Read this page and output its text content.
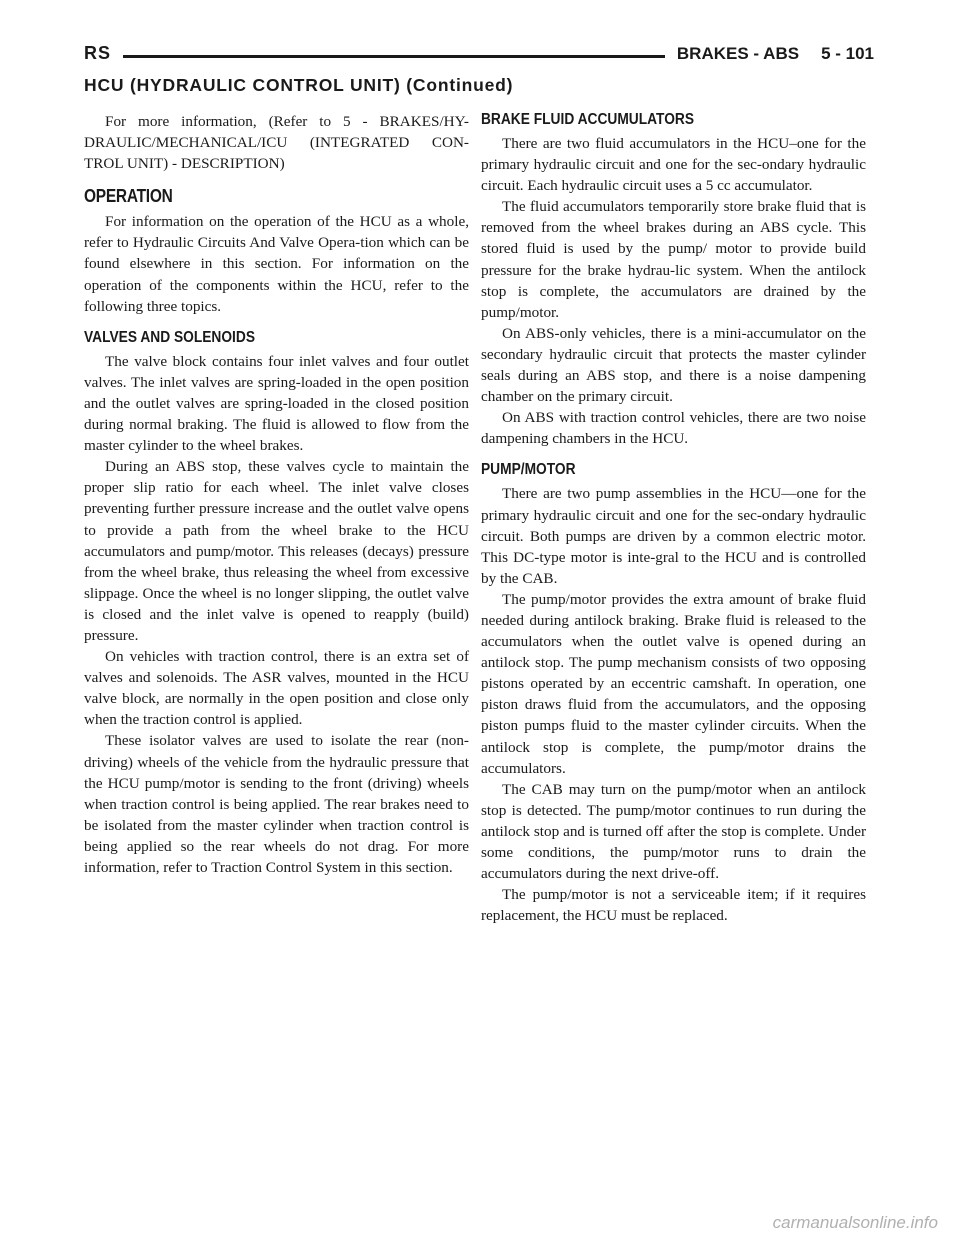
RS	BRAKES - ABS 5 - 101
HCU (HYDRAULIC CONTROL UNIT) (Continued)

For more information, (Refer to 5 - BRAKES/HY-DRAULIC/MECHANICAL/ICU (INTEGRATED CON-TROL UNIT) - DESCRIPTION)

OPERATION

For information on the operation of the HCU as a whole, refer to Hydraulic Circuits And Valve Opera-tion which can be found elsewhere in this section. For information on the operation of the components within the HCU, refer to the following three topics.

VALVES AND SOLENOIDS

The valve block contains four inlet valves and four outlet valves. The inlet valves are spring-loaded in the open position and the outlet valves are spring-loaded in the closed position during normal braking. The fluid is allowed to flow from the master cylinder to the wheel brakes.

During an ABS stop, these valves cycle to maintain the proper slip ratio for each wheel. The inlet valve closes preventing further pressure increase and the outlet valve opens to provide a path from the wheel brake to the HCU accumulators and pump/motor. This releases (decays) pressure from the wheel brake, thus releasing the wheel from excessive slippage. Once the wheel is no longer slipping, the outlet valve is closed and the inlet valve is opened to reapply (build) pressure.

On vehicles with traction control, there is an extra set of valves and solenoids. The ASR valves, mounted in the HCU valve block, are normally in the open position and close only when the traction control is applied.

These isolator valves are used to isolate the rear (non-driving) wheels of the vehicle from the hydraulic pressure that the HCU pump/motor is sending to the front (driving) wheels when traction control is being applied. The rear brakes need to be isolated from the master cylinder when traction control is being applied so the rear wheels do not drag. For more information, refer to Traction Control System in this section.

BRAKE FLUID ACCUMULATORS

There are two fluid accumulators in the HCU–one for the primary hydraulic circuit and one for the sec-ondary hydraulic circuit. Each hydraulic circuit uses a 5 cc accumulator.

The fluid accumulators temporarily store brake fluid that is removed from the wheel brakes during an ABS cycle. This stored fluid is used by the pump/ motor to provide build pressure for the brake hydrau-lic system. When the antilock stop is complete, the accumulators are drained by the pump/motor.

On ABS-only vehicles, there is a mini-accumulator on the secondary hydraulic circuit that protects the master cylinder seals during an ABS stop, and there is a noise dampening chamber on the primary circuit.

On ABS with traction control vehicles, there are two noise dampening chambers in the HCU.

PUMP/MOTOR

There are two pump assemblies in the HCU—one for the primary hydraulic circuit and one for the sec-ondary hydraulic circuit. Both pumps are driven by a common electric motor. This DC-type motor is inte-gral to the HCU and is controlled by the CAB.

The pump/motor provides the extra amount of brake fluid needed during antilock braking. Brake fluid is released to the accumulators when the outlet valve is opened during an antilock stop. The pump mechanism consists of two opposing pistons operated by an eccentric camshaft. In operation, one piston draws fluid from the accumulators, and the opposing piston pumps fluid to the master cylinder circuits. When the antilock stop is complete, the pump/motor drains the accumulators.

The CAB may turn on the pump/motor when an antilock stop is detected. The pump/motor continues to run during the antilock stop and is turned off after the stop is complete. Under some conditions, the pump/motor runs to drain the accumulators during the next drive-off.

The pump/motor is not a serviceable item; if it requires replacement, the HCU must be replaced.

carmanualsonline.info
